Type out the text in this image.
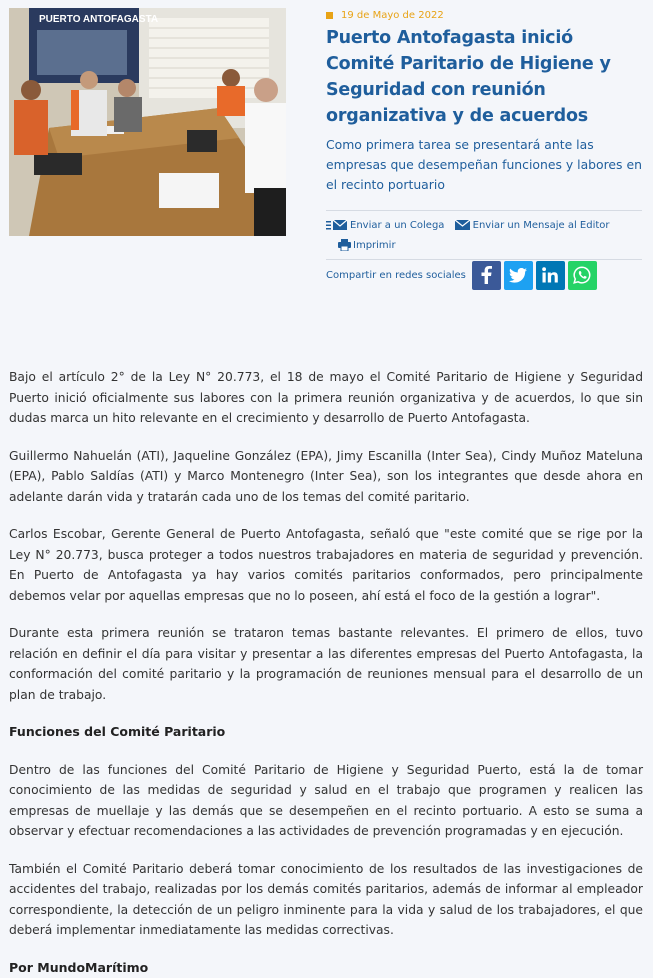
PUERTO ANTOFAGASTA	19 de Mayo de 2022
Puerto Antofagasta inició Comité Paritario de Higiene y Seguridad con reunión organizativa y de acuerdos

Como primera tarea se presentará ante las empresas que desempeñan funciones y labores en el recinto portuario

Enviar a un Colega
	Enviar un Mensaje al Editor

Imprimir
Compartir en redes sociales

Bajo el artículo 2° de la Ley N° 20.773, el 18 de mayo el Comité Paritario de Higiene y Seguridad Puerto inició oficialmente sus labores con la primera reunión organizativa y de acuerdos, lo que sin dudas marca un hito relevante en el crecimiento y desarrollo de Puerto Antofagasta.

Guillermo Nahuelán (ATI), Jaqueline González (EPA), Jimy Escanilla (Inter Sea), Cindy Muñoz Mateluna (EPA), Pablo Saldías (ATI) y Marco Montenegro (Inter Sea), son los integrantes que desde ahora en adelante darán vida y tratarán cada uno de los temas del comité paritario.

Carlos Escobar, Gerente General de Puerto Antofagasta, señaló que "este comité que se rige por la Ley N° 20.773, busca proteger a todos nuestros trabajadores en materia de seguridad y prevención. En Puerto de Antofagasta ya hay varios comités paritarios conformados, pero principalmente debemos velar por aquellas empresas que no lo poseen, ahí está el foco de la gestión a lograr".

Durante esta primera reunión se trataron temas bastante relevantes. El primero de ellos, tuvo relación en definir el día para visitar y presentar a las diferentes empresas del Puerto Antofagasta, la conformación del comité paritario y la programación de reuniones mensual para el desarrollo de un plan de trabajo.

Funciones del Comité Paritario

Dentro de las funciones del Comité Paritario de Higiene y Seguridad Puerto, está la de tomar conocimiento de las medidas de seguridad y salud en el trabajo que programen y realicen las empresas de muellaje y las demás que se desempeñen en el recinto portuario. A esto se suma a observar y efectuar recomendaciones a las actividades de prevención programadas y en ejecución.

También el Comité Paritario deberá tomar conocimiento de los resultados de las investigaciones de accidentes del trabajo, realizadas por los demás comités paritarios, además de informar al empleador correspondiente, la detección de un peligro inminente para la vida y salud de los trabajadores, el que deberá implementar inmediatamente las medidas correctivas.

Por MundoMarítimo
